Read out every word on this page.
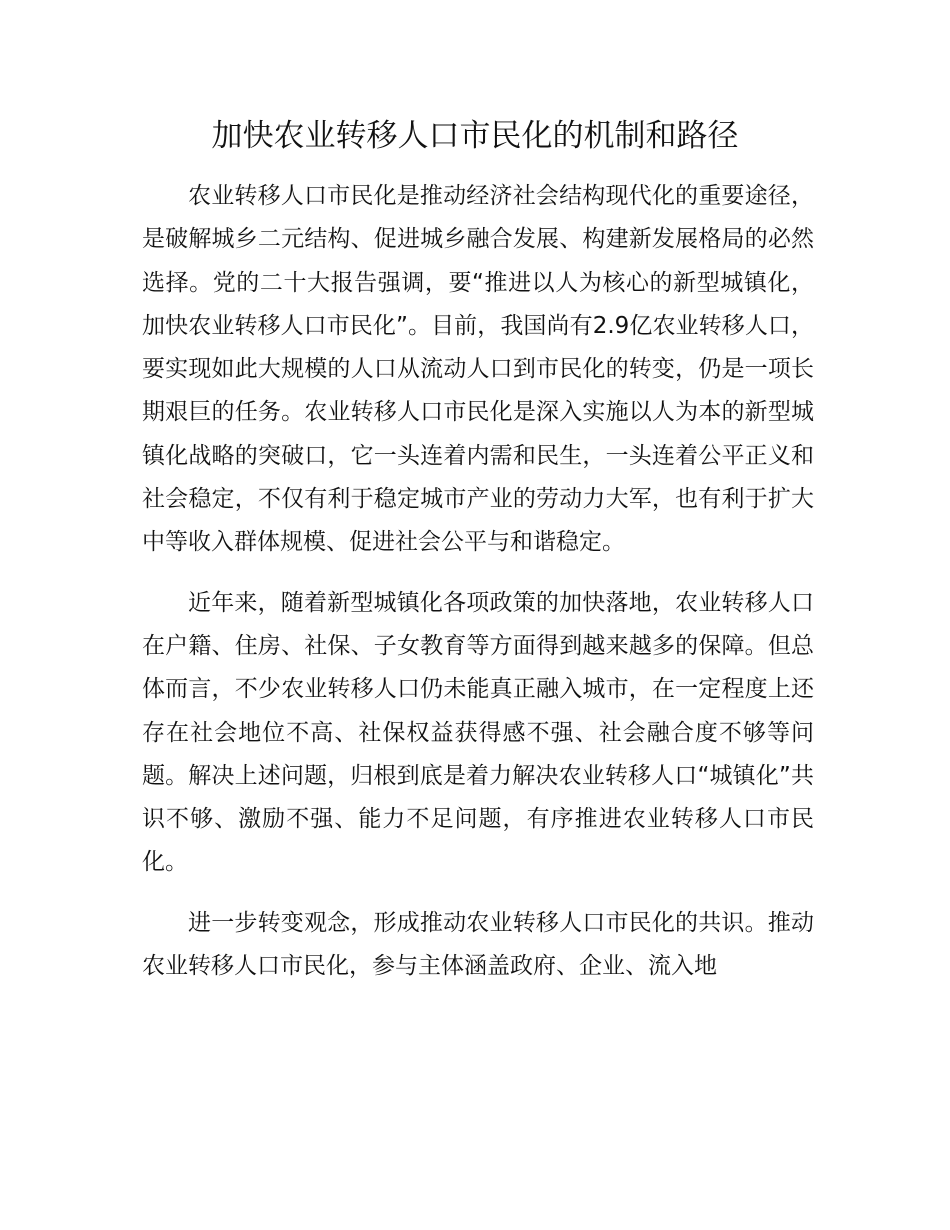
加快农业转移人口市民化的机制和路径

农业转移人口市民化是推动经济社会结构现代化的重要途径，是破解城乡二元结构、促进城乡融合发展、构建新发展格局的必然选择。党的二十大报告强调，要“推进以人为核心的新型城镇化，加快农业转移人口市民化”。目前，我国尚有2.9亿农业转移人口，要实现如此大规模的人口从流动人口到市民化的转变，仍是一项长期艰巨的任务。农业转移人口市民化是深入实施以人为本的新型城镇化战略的突破口，它一头连着内需和民生，一头连着公平正义和社会稳定，不仅有利于稳定城市产业的劳动力大军，也有利于扩大中等收入群体规模、促进社会公平与和谐稳定。

近年来，随着新型城镇化各项政策的加快落地，农业转移人口在户籍、住房、社保、子女教育等方面得到越来越多的保障。但总体而言，不少农业转移人口仍未能真正融入城市，在一定程度上还存在社会地位不高、社保权益获得感不强、社会融合度不够等问题。解决上述问题，归根到底是着力解决农业转移人口“城镇化”共识不够、激励不强、能力不足问题，有序推进农业转移人口市民化。

进一步转变观念，形成推动农业转移人口市民化的共识。推动农业转移人口市民化，参与主体涵盖政府、企业、流入地
